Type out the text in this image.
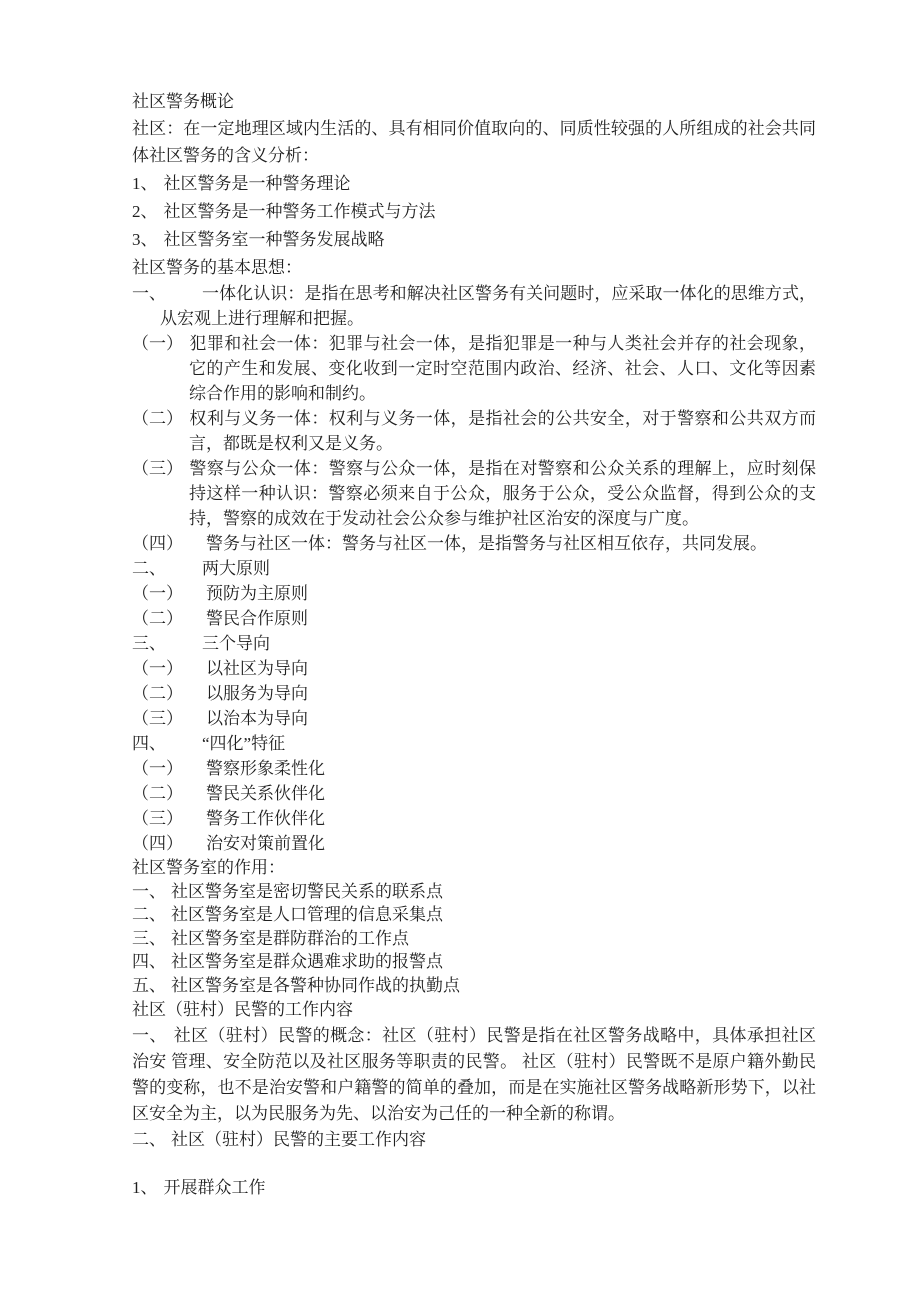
社区警务概论

社区：在一定地理区域内生活的、具有相同价值取向的、同质性较强的人所组成的社会共同体社区警务的含义分析：

1、 社区警务是一种警务理论

2、 社区警务是一种警务工作模式与方法

3、 社区警务室一种警务发展战略

社区警务的基本思想：

一、 一体化认识：是指在思考和解决社区警务有关问题时，应采取一体化的思维方式，从宏观上进行理解和把握。

（一） 犯罪和社会一体：犯罪与社会一体，是指犯罪是一种与人类社会并存的社会现象，它的产生和发展、变化收到一定时空范围内政治、经济、社会、人口、文化等因素综合作用的影响和制约。

（二） 权利与义务一体：权利与义务一体，是指社会的公共安全，对于警察和公共双方而言，都既是权利又是义务。

（三） 警察与公众一体：警察与公众一体，是指在对警察和公众关系的理解上，应时刻保持这样一种认识：警察必须来自于公众，服务于公众，受公众监督，得到公众的支持，警察的成效在于发动社会公众参与维护社区治安的深度与广度。

（四） 警务与社区一体：警务与社区一体，是指警务与社区相互依存，共同发展。

二、 两大原则

（一） 预防为主原则

（二） 警民合作原则

三、 三个导向

（一） 以社区为导向

（二） 以服务为导向

（三） 以治本为导向

四、 “四化”特征

（一） 警察形象柔性化

（二） 警民关系伙伴化

（三） 警务工作伙伴化

（四） 治安对策前置化

社区警务室的作用：

一、 社区警务室是密切警民关系的联系点

二、 社区警务室是人口管理的信息采集点

三、 社区警务室是群防群治的工作点

四、 社区警务室是群众遇难求助的报警点

五、 社区警务室是各警种协同作战的执勤点

社区（驻村）民警的工作内容

一、 社区（驻村）民警的概念：社区（驻村）民警是指在社区警务战略中，具体承担社区治安 管理、安全防范以及社区服务等职责的民警。 社区（驻村）民警既不是原户籍外勤民警的变称，也不是治安警和户籍警的简单的叠加，而是在实施社区警务战略新形势下，以社区安全为主，以为民服务为先、以治安为己任的一种全新的称谓。

二、 社区（驻村）民警的主要工作内容

1、 开展群众工作
